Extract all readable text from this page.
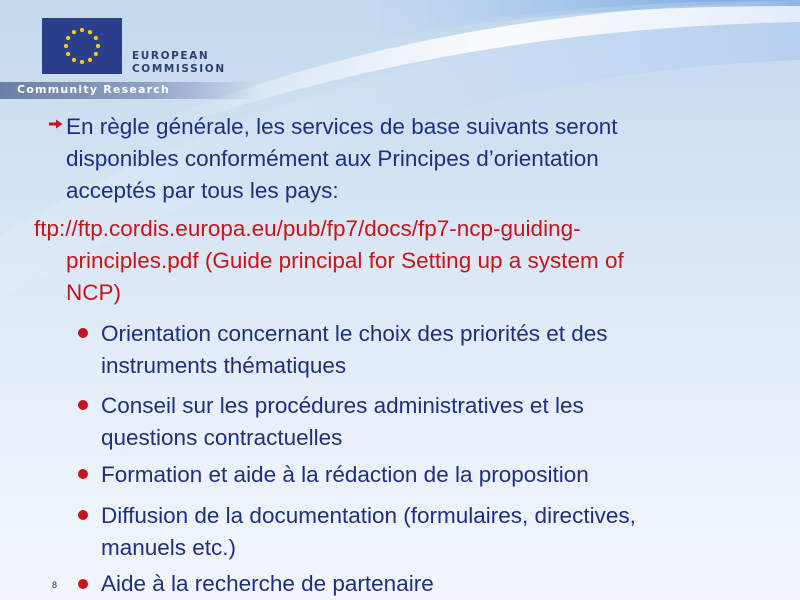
EUROPEAN
COMMISSION
Community Research
En règle générale, les services de base suivants seront
disponibles conformément aux Principes d’orientation
acceptés par tous les pays:
ftp://ftp.cordis.europa.eu/pub/fp7/docs/fp7-ncp-guiding-
principles.pdf (Guide principal for Setting up a system of
NCP)
Orientation concernant le choix des priorités et des
instruments thématiques
Conseil sur les procédures administratives et les
questions contractuelles
Formation et aide à la rédaction de la proposition
Diffusion de la documentation (formulaires, directives,
manuels etc.)
Aide à la recherche de partenaire
8
